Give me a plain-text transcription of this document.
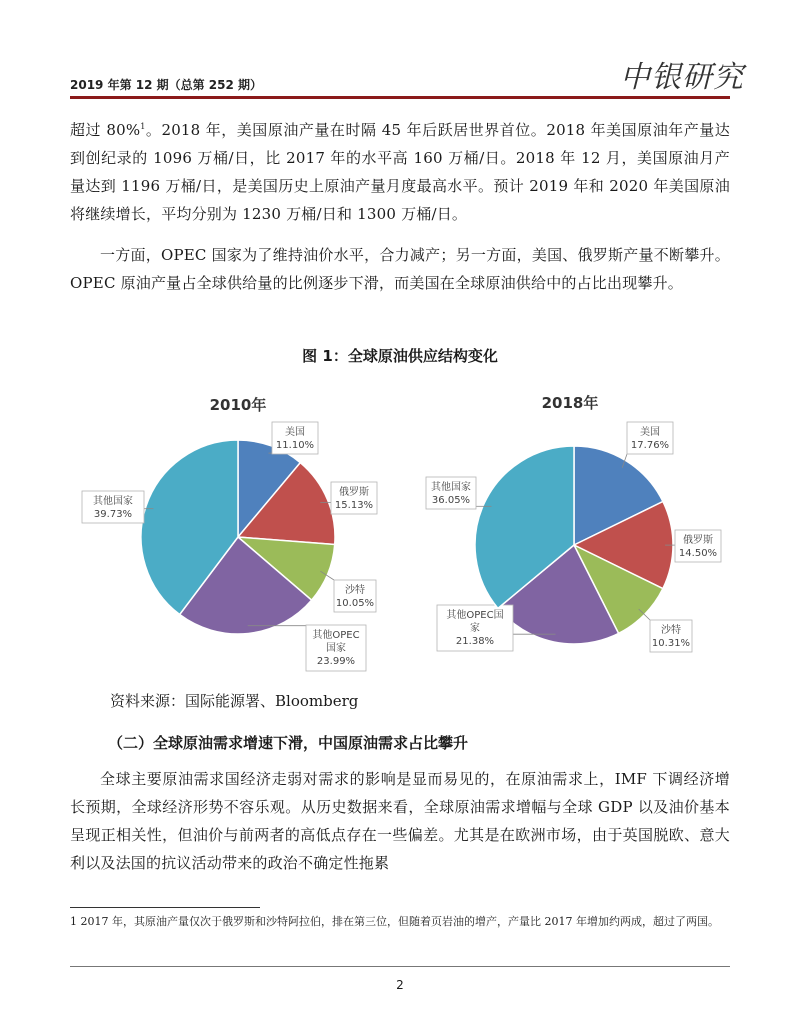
2019 年第 12 期（总第 252 期）	中银研究

超过 80%$^1$。2018 年，美国原油产量在时隔 45 年后跃居世界首位。2018 年美国原油年产量达到创纪录的 1096 万桶/日，比 2017 年的水平高 160 万桶/日。2018 年 12 月，美国原油月产量达到 1196 万桶/日，是美国历史上原油产量月度最高水平。预计 2019 年和 2020 年美国原油将继续增长，平均分别为 1230 万桶/日和 1300 万桶/日。

一方面，OPEC 国家为了维持油价水平，合力减产；另一方面，美国、俄罗斯产量不断攀升。OPEC 原油产量占全球供给量的比例逐步下滑，而美国在全球原油供给中的占比出现攀升。

图 1：全球原油供应结构变化
2010年
美国
11.10%
俄罗斯
15.13%
沙特
10.05%
其他OPEC
国家
23.99%
其他国家
39.73%
2018年
美国
17.76%
俄罗斯
14.50%
沙特
10.31%
其他OPEC国
家
21.38%
其他国家
36.05%
资料来源：国际能源署、Bloomberg
（二）全球原油需求增速下滑，中国原油需求占比攀升

全球主要原油需求国经济走弱对需求的影响是显而易见的，在原油需求上，IMF 下调经济增长预期，全球经济形势不容乐观。从历史数据来看，全球原油需求增幅与全球 GDP 以及油价基本呈现正相关性，但油价与前两者的高低点存在一些偏差。尤其是在欧洲市场，由于英国脱欧、意大利以及法国的抗议活动带来的政治不确定性拖累

1 2017 年，其原油产量仅次于俄罗斯和沙特阿拉伯，排在第三位，但随着页岩油的增产，产量比 2017 年增加约两成，超过了两国。

2
